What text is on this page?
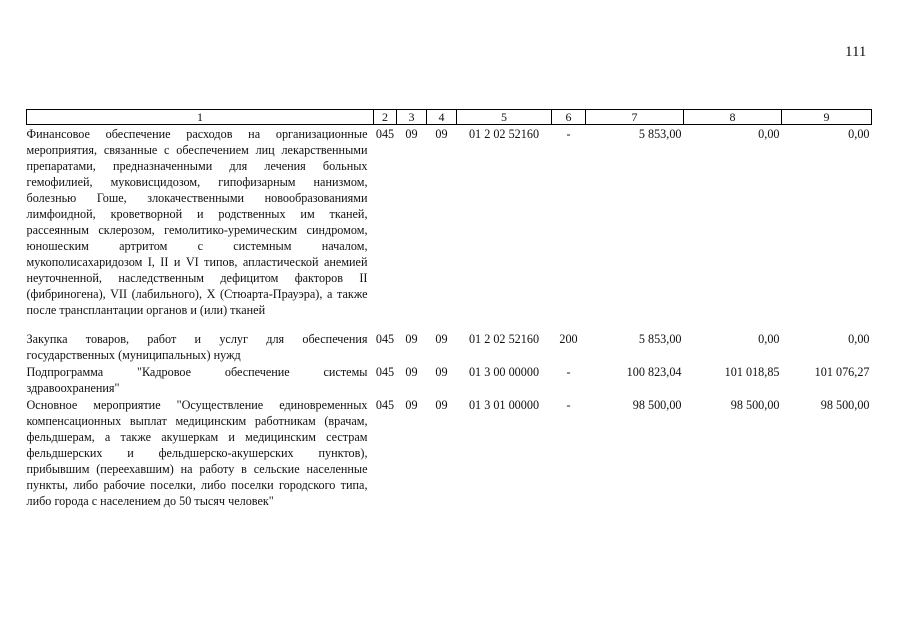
111
1	2	3	4	5	6	7	8	9
Финансовое обеспечение расходов на организационные мероприятия, связанные с обеспечением лиц лекарственными препаратами, предназначенными для лечения больных гемофилией, муковисцидозом, гипофизарным нанизмом, болезнью Гоше, злокачественными новообразованиями лимфоидной, кроветворной и родственных им тканей, рассеянным склерозом, гемолитико-уремическим синдромом, юношеским артритом с системным началом, мукополисахаридозом I, II и VI типов, апластической анемией неуточненной, наследственным дефицитом факторов II (фибриногена), VII (лабильного), X (Стюарта-Прауэра), а также после трансплантации органов и (или) тканей	045	09	09	01 2 02 52160	-	5 853,00	0,00	0,00
Закупка товаров, работ и услуг для обеспечения государственных (муниципальных) нужд	045	09	09	01 2 02 52160	200	5 853,00	0,00	0,00
Подпрограмма "Кадровое обеспечение системы здравоохранения"	045	09	09	01 3 00 00000	-	100 823,04	101 018,85	101 076,27
Основное мероприятие "Осуществление единовременных компенсационных выплат медицинским работникам (врачам, фельдшерам, а также акушеркам и медицинским сестрам фельдшерских и фельдшерско-акушерских пунктов), прибывшим (переехавшим) на работу в сельские населенные пункты, либо рабочие поселки, либо поселки городского типа, либо города с населением до 50 тысяч человек"	045	09	09	01 3 01 00000	-	98 500,00	98 500,00	98 500,00
